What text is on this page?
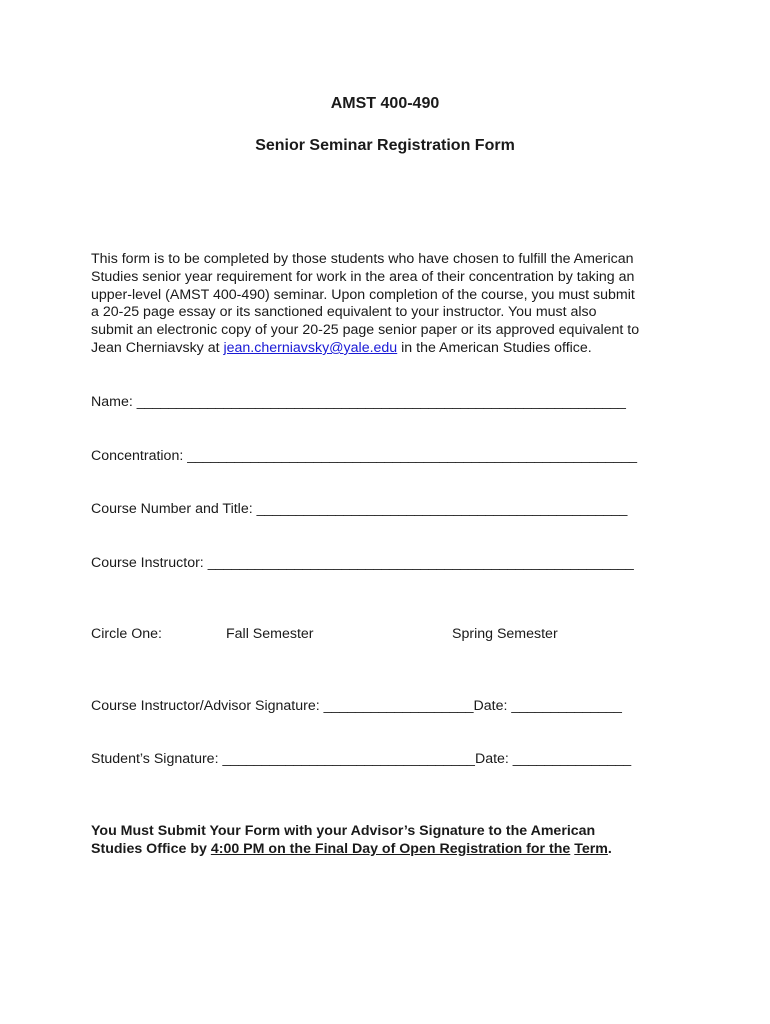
AMST 400-490
Senior Seminar Registration Form
This form is to be completed by those students who have chosen to fulfill the American
Studies senior year requirement for work in the area of their concentration by taking an
upper-level (AMST 400-490) seminar. Upon completion of the course, you must submit
a 20-25 page essay or its sanctioned equivalent to your instructor. You must also
submit an electronic copy of your 20-25 page senior paper or its approved equivalent to
Jean Cherniavsky at jean.cherniavsky@yale.edu in the American Studies office.
Name: ______________________________________________________________
Concentration: _________________________________________________________
Course Number and Title: _______________________________________________
Course Instructor: ______________________________________________________
Circle One:	Fall Semester	Spring Semester
Course Instructor/Advisor Signature: ___________________Date: ______________
Student’s Signature: ________________________________Date: _______________
You Must Submit Your Form with your Advisor’s Signature to the American
Studies Office by 4:00 PM on the Final Day of Open Registration for the Term.
